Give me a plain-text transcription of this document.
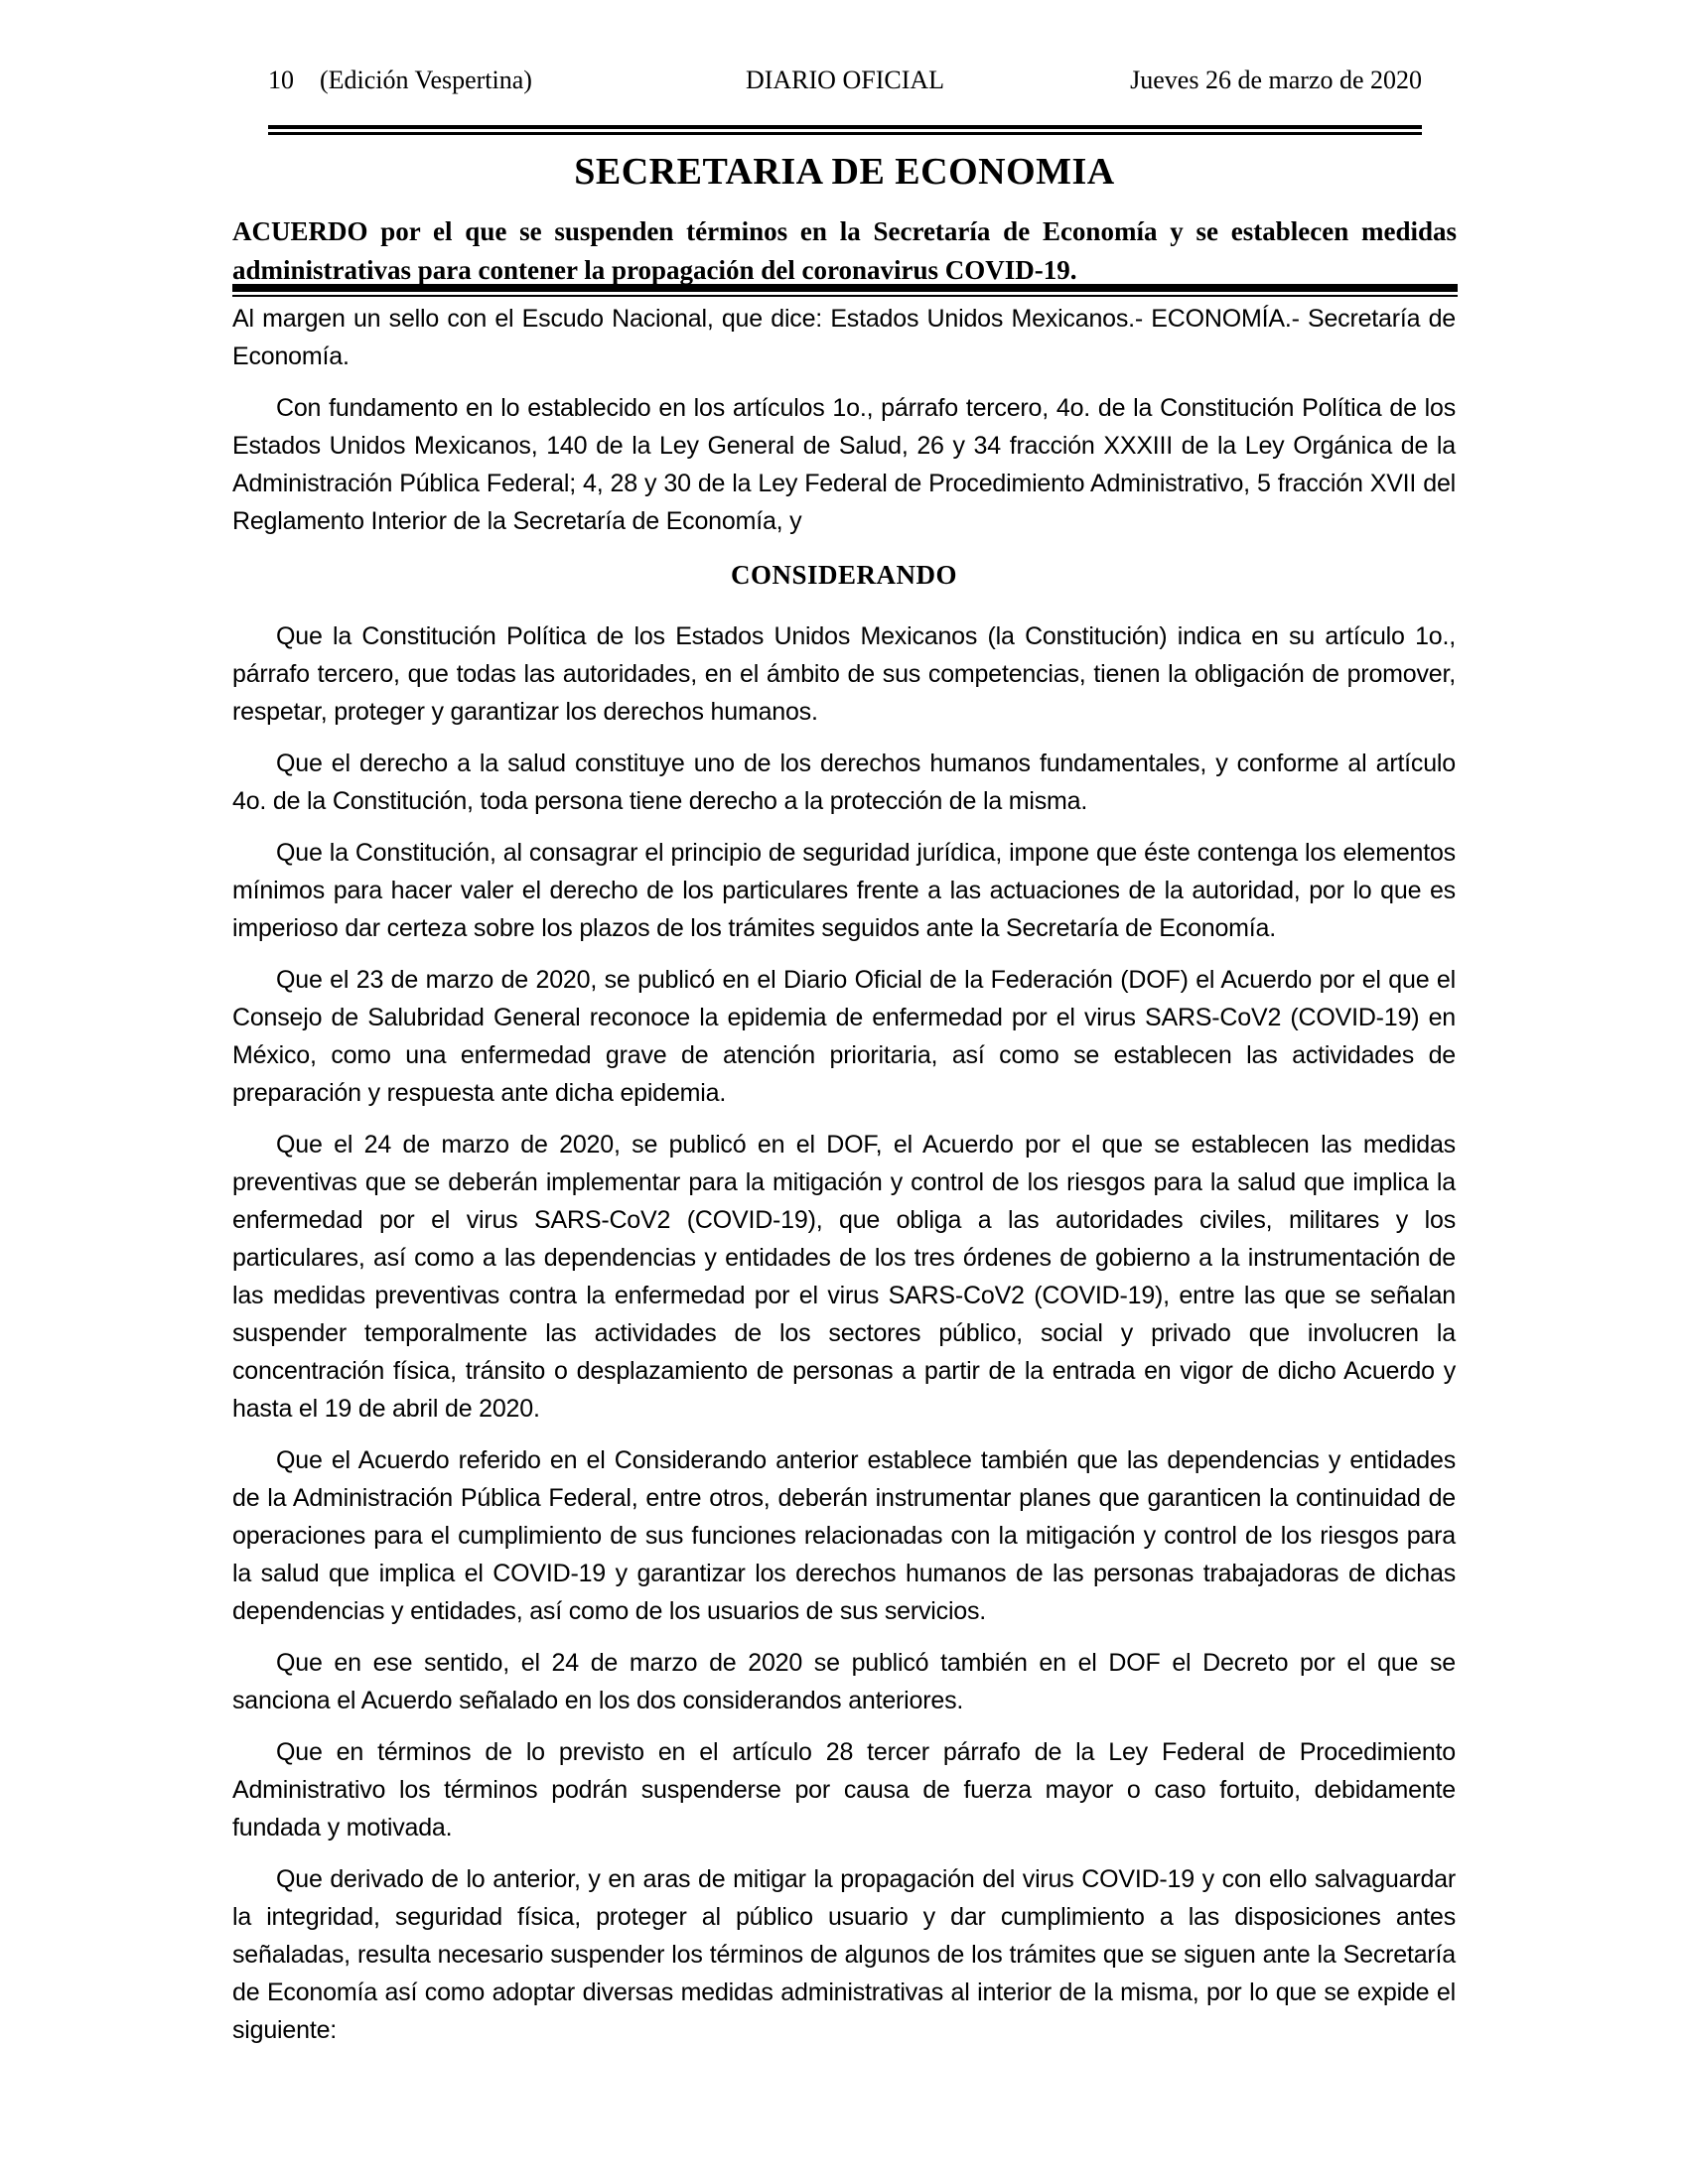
10 (Edición Vespertina)	DIARIO OFICIAL	Jueves 26 de marzo de 2020
SECRETARIA DE ECONOMIA

ACUERDO por el que se suspenden términos en la Secretaría de Economía y se establecen medidas administrativas para contener la propagación del coronavirus COVID-19.

Al margen un sello con el Escudo Nacional, que dice: Estados Unidos Mexicanos.- ECONOMÍA.- Secretaría de Economía.

Con fundamento en lo establecido en los artículos 1o., párrafo tercero, 4o. de la Constitución Política de los Estados Unidos Mexicanos, 140 de la Ley General de Salud, 26 y 34 fracción XXXIII de la Ley Orgánica de la Administración Pública Federal; 4, 28 y 30 de la Ley Federal de Procedimiento Administrativo, 5 fracción XVII del Reglamento Interior de la Secretaría de Economía, y

CONSIDERANDO

Que la Constitución Política de los Estados Unidos Mexicanos (la Constitución) indica en su artículo 1o., párrafo tercero, que todas las autoridades, en el ámbito de sus competencias, tienen la obligación de promover, respetar, proteger y garantizar los derechos humanos.

Que el derecho a la salud constituye uno de los derechos humanos fundamentales, y conforme al artículo 4o. de la Constitución, toda persona tiene derecho a la protección de la misma.

Que la Constitución, al consagrar el principio de seguridad jurídica, impone que éste contenga los elementos mínimos para hacer valer el derecho de los particulares frente a las actuaciones de la autoridad, por lo que es imperioso dar certeza sobre los plazos de los trámites seguidos ante la Secretaría de Economía.

Que el 23 de marzo de 2020, se publicó en el Diario Oficial de la Federación (DOF) el Acuerdo por el que el Consejo de Salubridad General reconoce la epidemia de enfermedad por el virus SARS-CoV2 (COVID-19) en México, como una enfermedad grave de atención prioritaria, así como se establecen las actividades de preparación y respuesta ante dicha epidemia.

Que el 24 de marzo de 2020, se publicó en el DOF, el Acuerdo por el que se establecen las medidas preventivas que se deberán implementar para la mitigación y control de los riesgos para la salud que implica la enfermedad por el virus SARS-CoV2 (COVID-19), que obliga a las autoridades civiles, militares y los particulares, así como a las dependencias y entidades de los tres órdenes de gobierno a la instrumentación de las medidas preventivas contra la enfermedad por el virus SARS-CoV2 (COVID-19), entre las que se señalan suspender temporalmente las actividades de los sectores público, social y privado que involucren la concentración física, tránsito o desplazamiento de personas a partir de la entrada en vigor de dicho Acuerdo y hasta el 19 de abril de 2020.

Que el Acuerdo referido en el Considerando anterior establece también que las dependencias y entidades de la Administración Pública Federal, entre otros, deberán instrumentar planes que garanticen la continuidad de operaciones para el cumplimiento de sus funciones relacionadas con la mitigación y control de los riesgos para la salud que implica el COVID-19 y garantizar los derechos humanos de las personas trabajadoras de dichas dependencias y entidades, así como de los usuarios de sus servicios.

Que en ese sentido, el 24 de marzo de 2020 se publicó también en el DOF el Decreto por el que se sanciona el Acuerdo señalado en los dos considerandos anteriores.

Que en términos de lo previsto en el artículo 28 tercer párrafo de la Ley Federal de Procedimiento Administrativo los términos podrán suspenderse por causa de fuerza mayor o caso fortuito, debidamente fundada y motivada.

Que derivado de lo anterior, y en aras de mitigar la propagación del virus COVID-19 y con ello salvaguardar la integridad, seguridad física, proteger al público usuario y dar cumplimiento a las disposiciones antes señaladas, resulta necesario suspender los términos de algunos de los trámites que se siguen ante la Secretaría de Economía así como adoptar diversas medidas administrativas al interior de la misma, por lo que se expide el siguiente:
